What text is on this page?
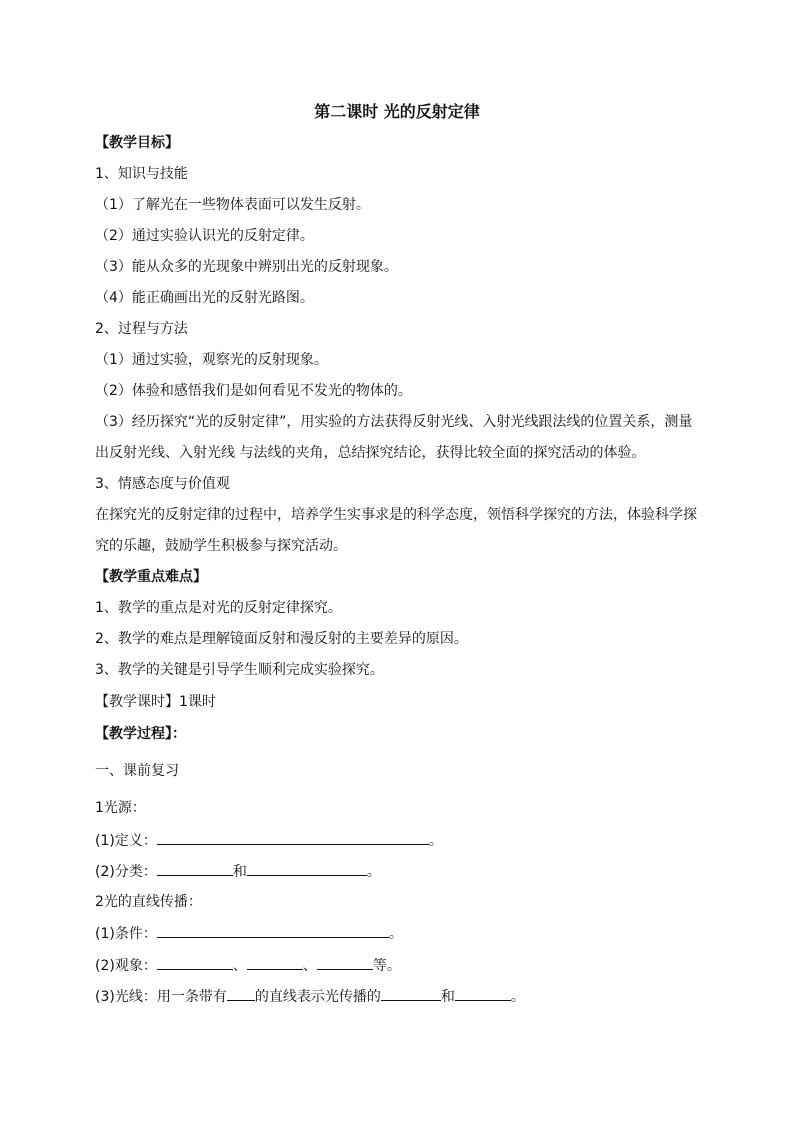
第二课时 光的反射定律
【教学目标】
1、知识与技能
（1）了解光在一些物体表面可以发生反射。
（2）通过实验认识光的反射定律。
（3）能从众多的光现象中辨别出光的反射现象。
（4）能正确画出光的反射光路图。
2、过程与方法
（1）通过实验，观察光的反射现象。
（2）体验和感悟我们是如何看见不发光的物体的。
（3）经历探究“光的反射定律”，用实验的方法获得反射光线、入射光线跟法线的位置关系，测量出反射光线、入射光线 与法线的夹角，总结探究结论，获得比较全面的探究活动的体验。
3、情感态度与价值观
在探究光的反射定律的过程中，培养学生实事求是的科学态度，领悟科学探究的方法，体验科学探究的乐趣，鼓励学生积极参与探究活动。
【教学重点难点】
1、教学的重点是对光的反射定律探究。
2、教学的难点是理解镜面反射和漫反射的主要差异的原因。
3、教学的关键是引导学生顺利完成实验探究。
【教学课时】1课时
【教学过程】：
一、课前复习
1光源：
(1)定义：	。
(2)分类：	和	。
2光的直线传播：
(1)条件：	。
(2)观象：	、	、	等。
(3)光线：用一条带有 的直线表示光传播的	和	。
